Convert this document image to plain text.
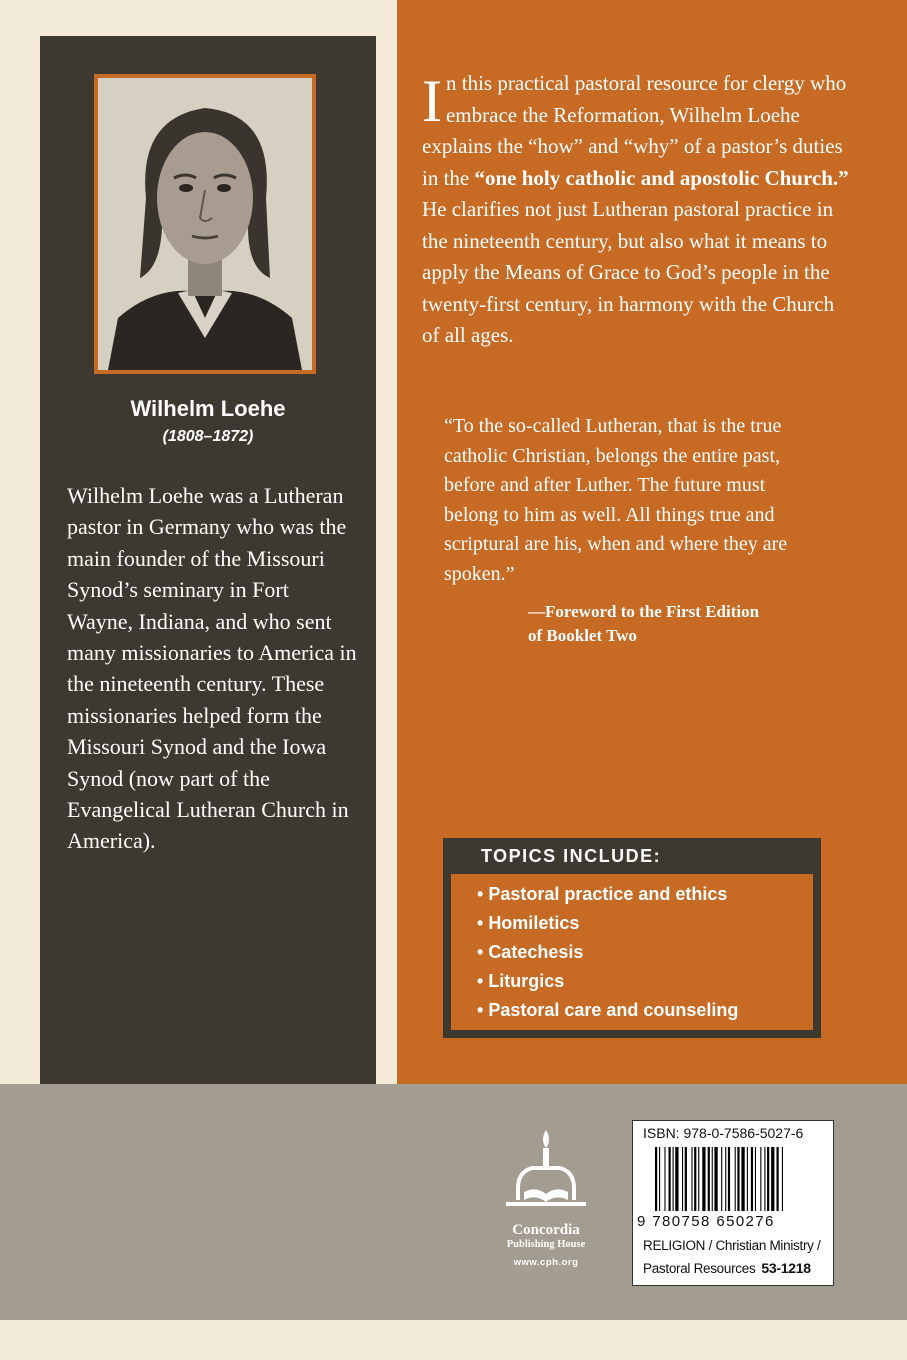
Wilhelm Loehe

(1808–1872)

Wilhelm Loehe was a Lutheran pastor in Germany who was the main founder of the Missouri Synod’s seminary in Fort Wayne, Indiana, and who sent many missionaries to America in the nineteenth century. These missionaries helped form the Missouri Synod and the Iowa Synod (now part of the Evangelical Lutheran Church in America).

In this practical pastoral resource for clergy who embrace the Reformation, Wilhelm Loehe explains the “how” and “why” of a pastor’s duties in the “one holy catholic and apostolic Church.” He clarifies not just Lutheran pastoral practice in the nineteenth century, but also what it means to apply the Means of Grace to God’s people in the twenty-first century, in harmony with the Church of all ages.

“To the so-called Lutheran, that is the true catholic Christian, belongs the entire past, before and after Luther. The future must belong to him as well. All things true and scriptural are his, when and where they are spoken.”

—Foreword to the First Edition
of Booklet Two

TOPICS INCLUDE:

• Pastoral practice and ethics
• Homiletics
• Catechesis
• Liturgics
• Pastoral care and counseling

Concordia

Publishing House

www.cph.org

ISBN: 978-0-7586-5027-6

9 780758 650276

RELIGION / Christian Ministry / Pastoral Resources 53-1218
